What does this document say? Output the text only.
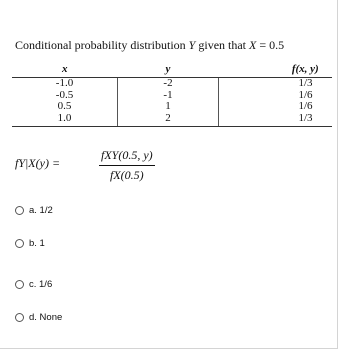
Conditional probability distribution Y given that X = 0.5
x	y	f(x, y)
-1.0	-2	1/3
-0.5	-1	1/6
0.5	1	1/6
1.0	2	1/3
fY|X(y) =
fXY(0.5, y)
fX(0.5)
a. 1/2
b. 1
c. 1/6
d. None
